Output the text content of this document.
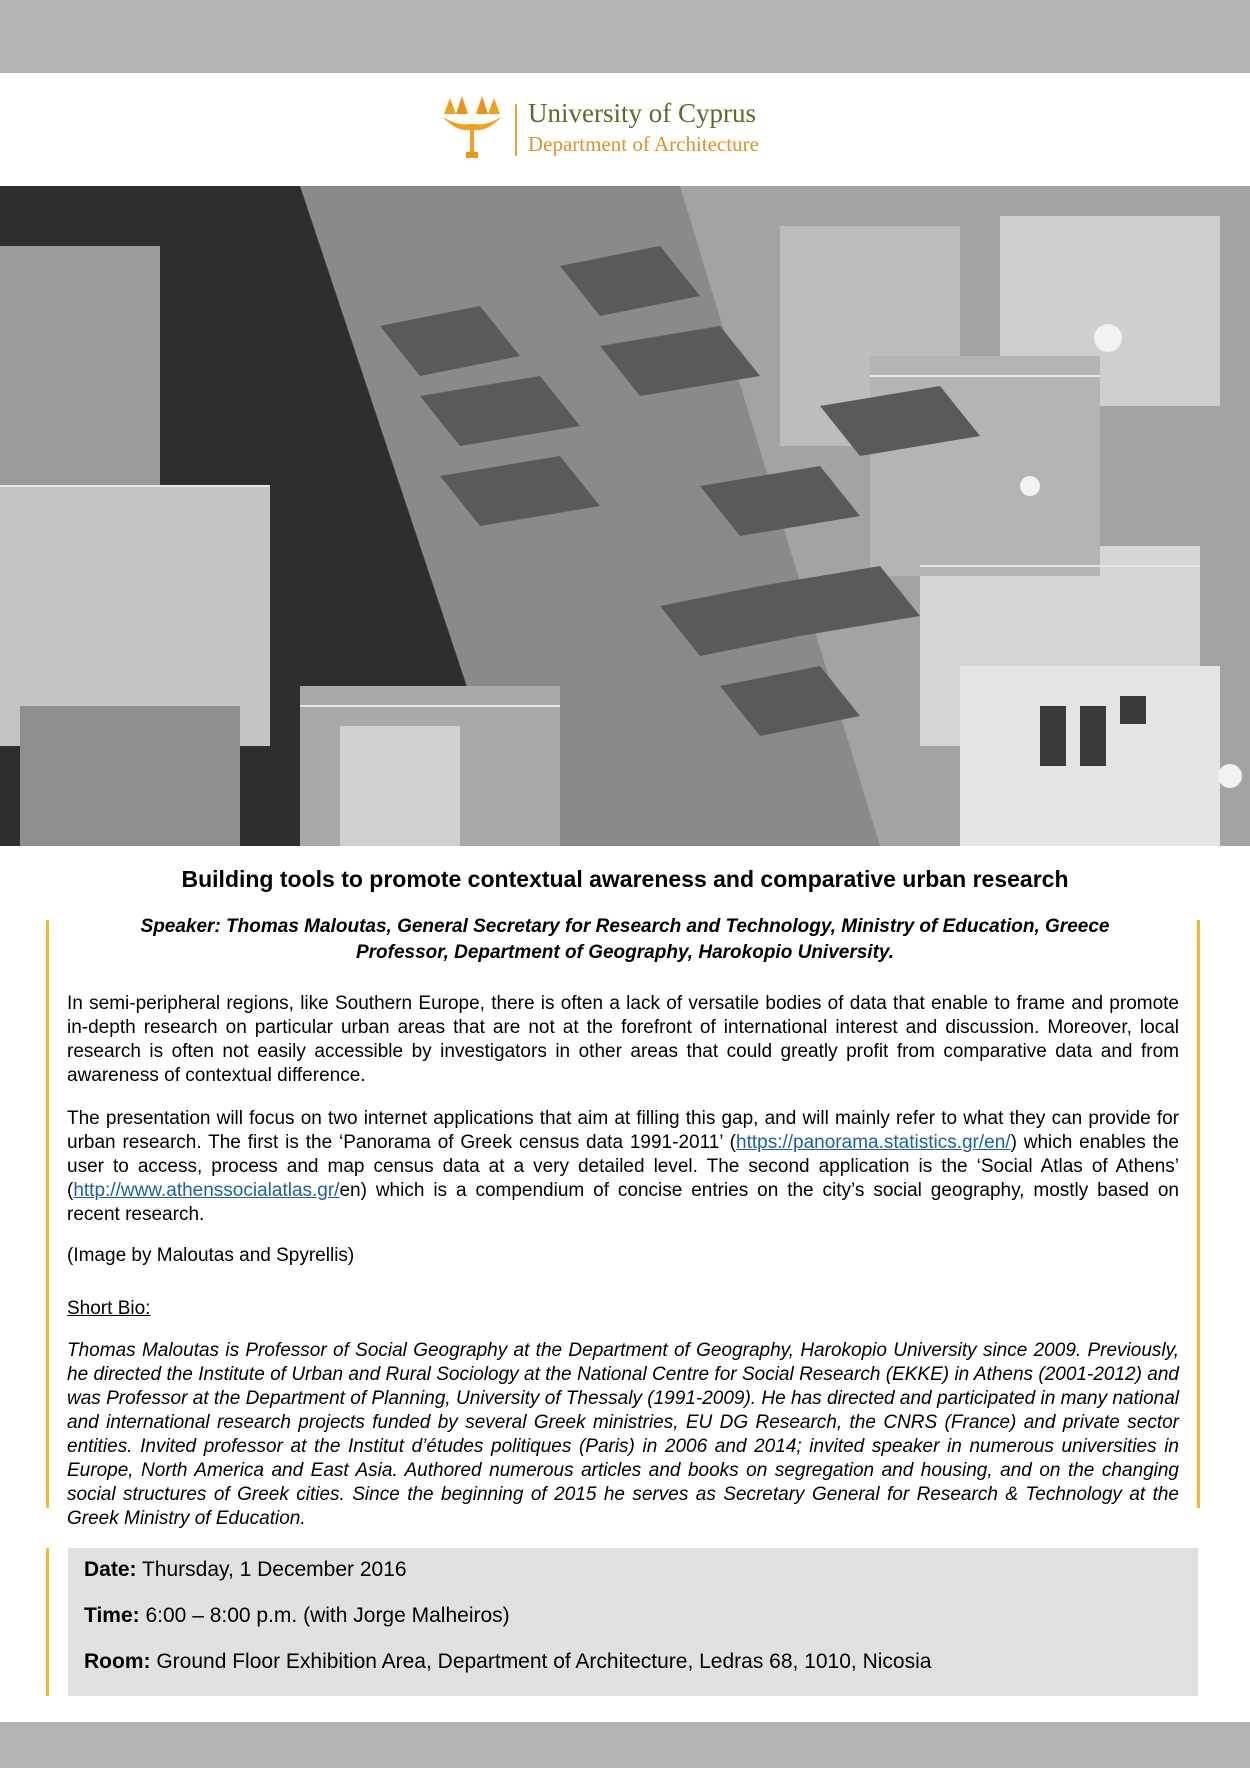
University of Cyprus
Department of Architecture
Building tools to promote contextual awareness and comparative urban research
Speaker: Thomas Maloutas, General Secretary for Research and Technology, Ministry of Education, Greece
Professor, Department of Geography, Harokopio University.
In semi-peripheral regions, like Southern Europe, there is often a lack of versatile bodies of data that enable to frame and promote in-depth research on particular urban areas that are not at the forefront of international interest and discussion. Moreover, local research is often not easily accessible by investigators in other areas that could greatly profit from comparative data and from awareness of contextual difference.
The presentation will focus on two internet applications that aim at filling this gap, and will mainly refer to what they can provide for urban research. The first is the ‘Panorama of Greek census data 1991-2011’ (https://panorama.statistics.gr/en/) which enables the user to access, process and map census data at a very detailed level. The second application is the ‘Social Atlas of Athens’ (http://www.athenssocialatlas.gr/en) which is a compendium of concise entries on the city’s social geography, mostly based on recent research.
(Image by Maloutas and Spyrellis)
Short Bio:
Thomas Maloutas is Professor of Social Geography at the Department of Geography, Harokopio University since 2009. Previously, he directed the Institute of Urban and Rural Sociology at the National Centre for Social Research (EKKE) in Athens (2001-2012) and was Professor at the Department of Planning, University of Thessaly (1991-2009). He has directed and participated in many national and international research projects funded by several Greek ministries, EU DG Research, the CNRS (France) and private sector entities. Invited professor at the Institut d’études politiques (Paris) in 2006 and 2014; invited speaker in numerous universities in Europe, North America and East Asia. Authored numerous articles and books on segregation and housing, and on the changing social structures of Greek cities. Since the beginning of 2015 he serves as Secretary General for Research & Technology at the Greek Ministry of Education.
Date: Thursday, 1 December 2016
Time: 6:00 – 8:00 p.m. (with Jorge Malheiros)
Room: Ground Floor Exhibition Area, Department of Architecture, Ledras 68, 1010, Nicosia
